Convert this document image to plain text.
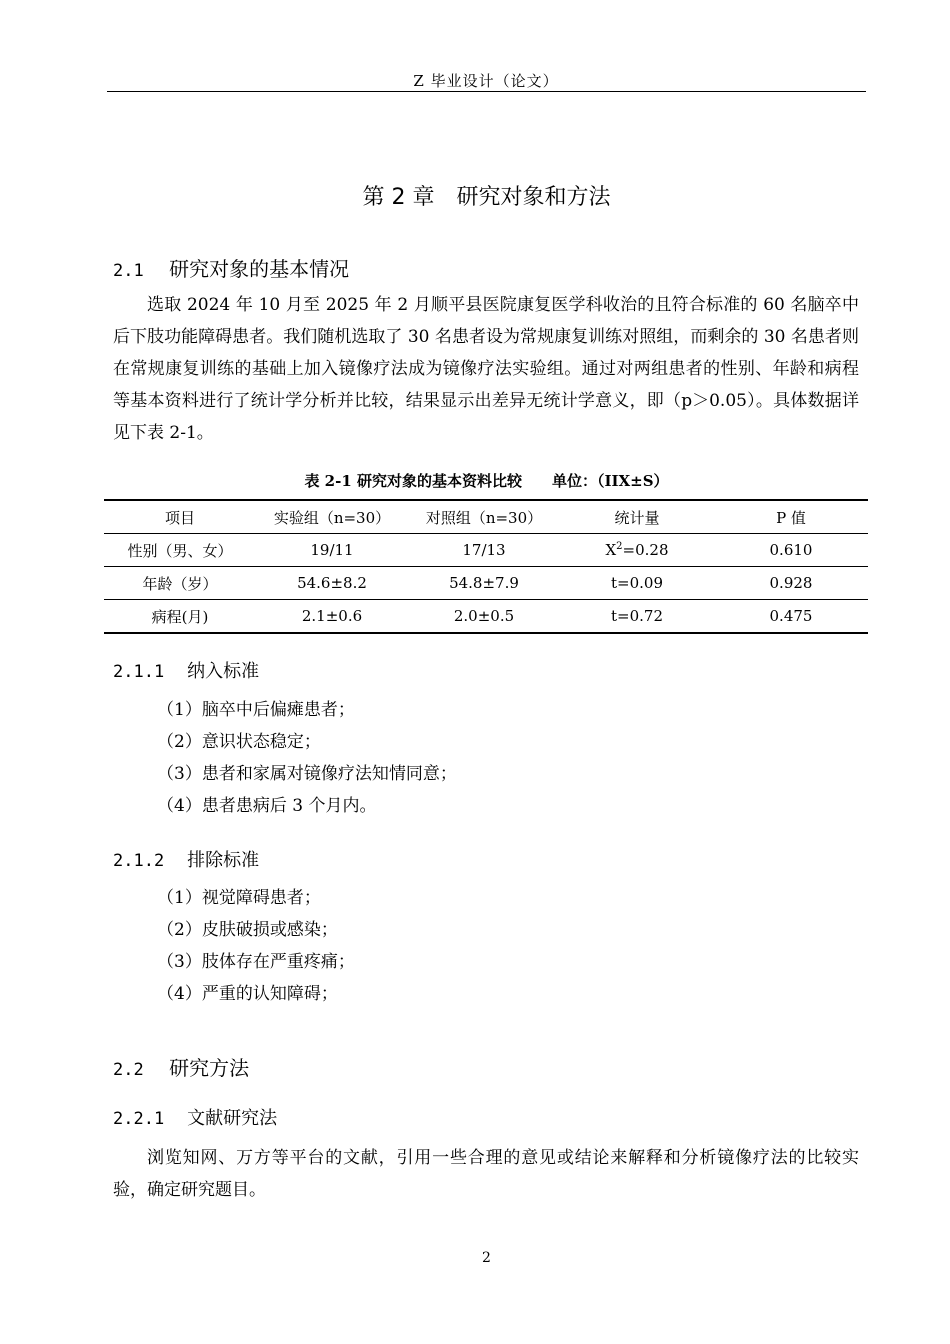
Z 毕业设计（论文）
第 2 章　研究对象和方法
2.1 研究对象的基本情况
选取 2024 年 10 月至 2025 年 2 月顺平县医院康复医学科收治的且符合标准的 60 名脑卒中后下肢功能障碍患者。我们随机选取了 30 名患者设为常规康复训练对照组，而剩余的 30 名患者则在常规康复训练的基础上加入镜像疗法成为镜像疗法实验组。通过对两组患者的性别、年龄和病程等基本资料进行了统计学分析并比较，结果显示出差异无统计学意义，即（p＞0.05）。具体数据详见下表 2-1。
表 2-1 研究对象的基本资料比较 单位：（ΙΙX±S）
项目	实验组（n=30）	对照组（n=30）	统计量	P 值
性别（男、女）	19/11	17/13	$X^2=0.28$	0.610
年龄（岁）	54.6±8.2	54.8±7.9	t=0.09	0.928
病程(月)	2.1±0.6	2.0±0.5	t=0.72	0.475
2.1.1 纳入标准
（1）脑卒中后偏瘫患者；
（2）意识状态稳定；
（3）患者和家属对镜像疗法知情同意；
（4）患者患病后 3 个月内。
2.1.2 排除标准
（1）视觉障碍患者；
（2）皮肤破损或感染；
（3）肢体存在严重疼痛；
（4）严重的认知障碍；
2.2 研究方法
2.2.1 文献研究法
浏览知网、万方等平台的文献，引用一些合理的意见或结论来解释和分析镜像疗法的比较实验，确定研究题目。
2
